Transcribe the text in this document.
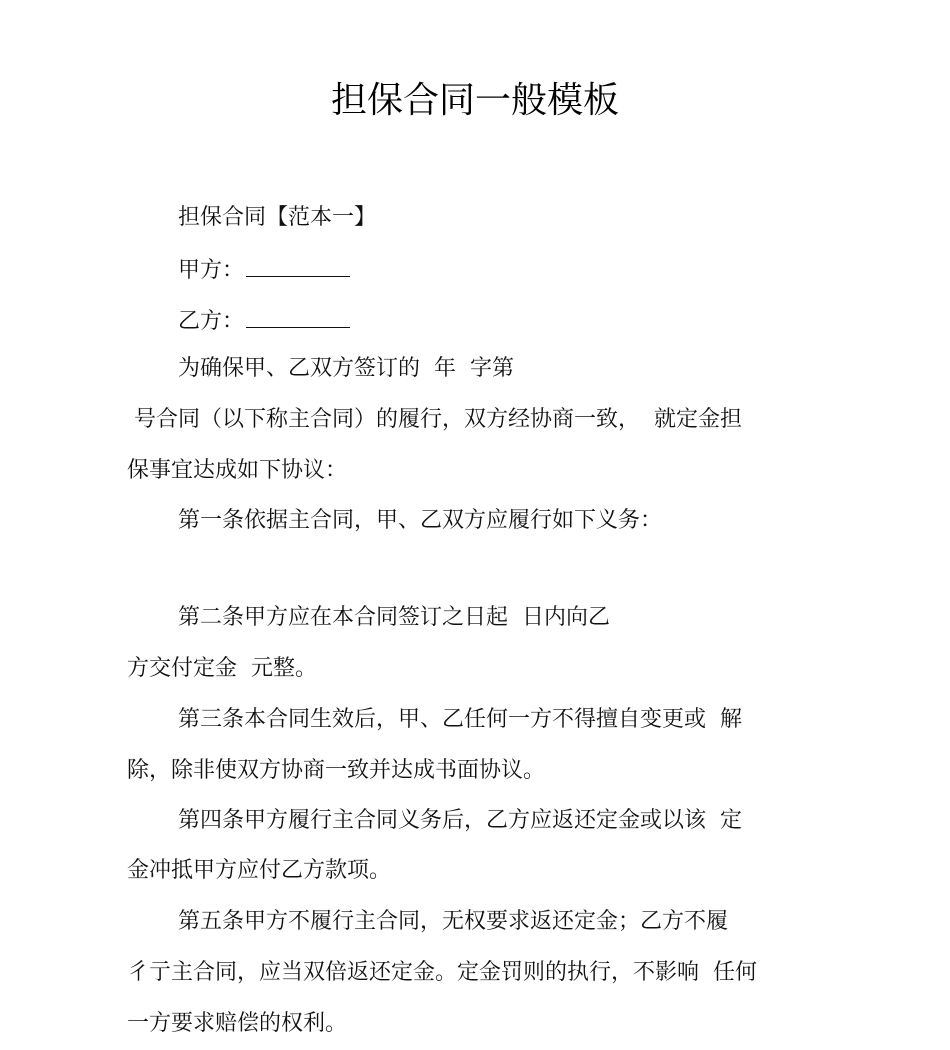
担保合同一般模板
担保合同【范本一】
甲方：
乙方：
为确保甲、乙双方签订的  年  字第
号合同（以下称主合同）的履行，双方经协商一致，  就定金担
保事宜达成如下协议：
第一条依据主合同，甲、乙双方应履行如下义务：
第二条甲方应在本合同签订之日起  日内向乙
方交付定金  元整。
第三条本合同生效后，甲、乙任何一方不得擅自变更或  解
除，除非使双方协商一致并达成书面协议。
第四条甲方履行主合同义务后，乙方应返还定金或以该  定
金冲抵甲方应付乙方款项。
第五条甲方不履行主合同，无权要求返还定金；乙方不履
彳亍主合同，应当双倍返还定金。定金罚则的执行，不影响  任何
一方要求赔偿的权利。
